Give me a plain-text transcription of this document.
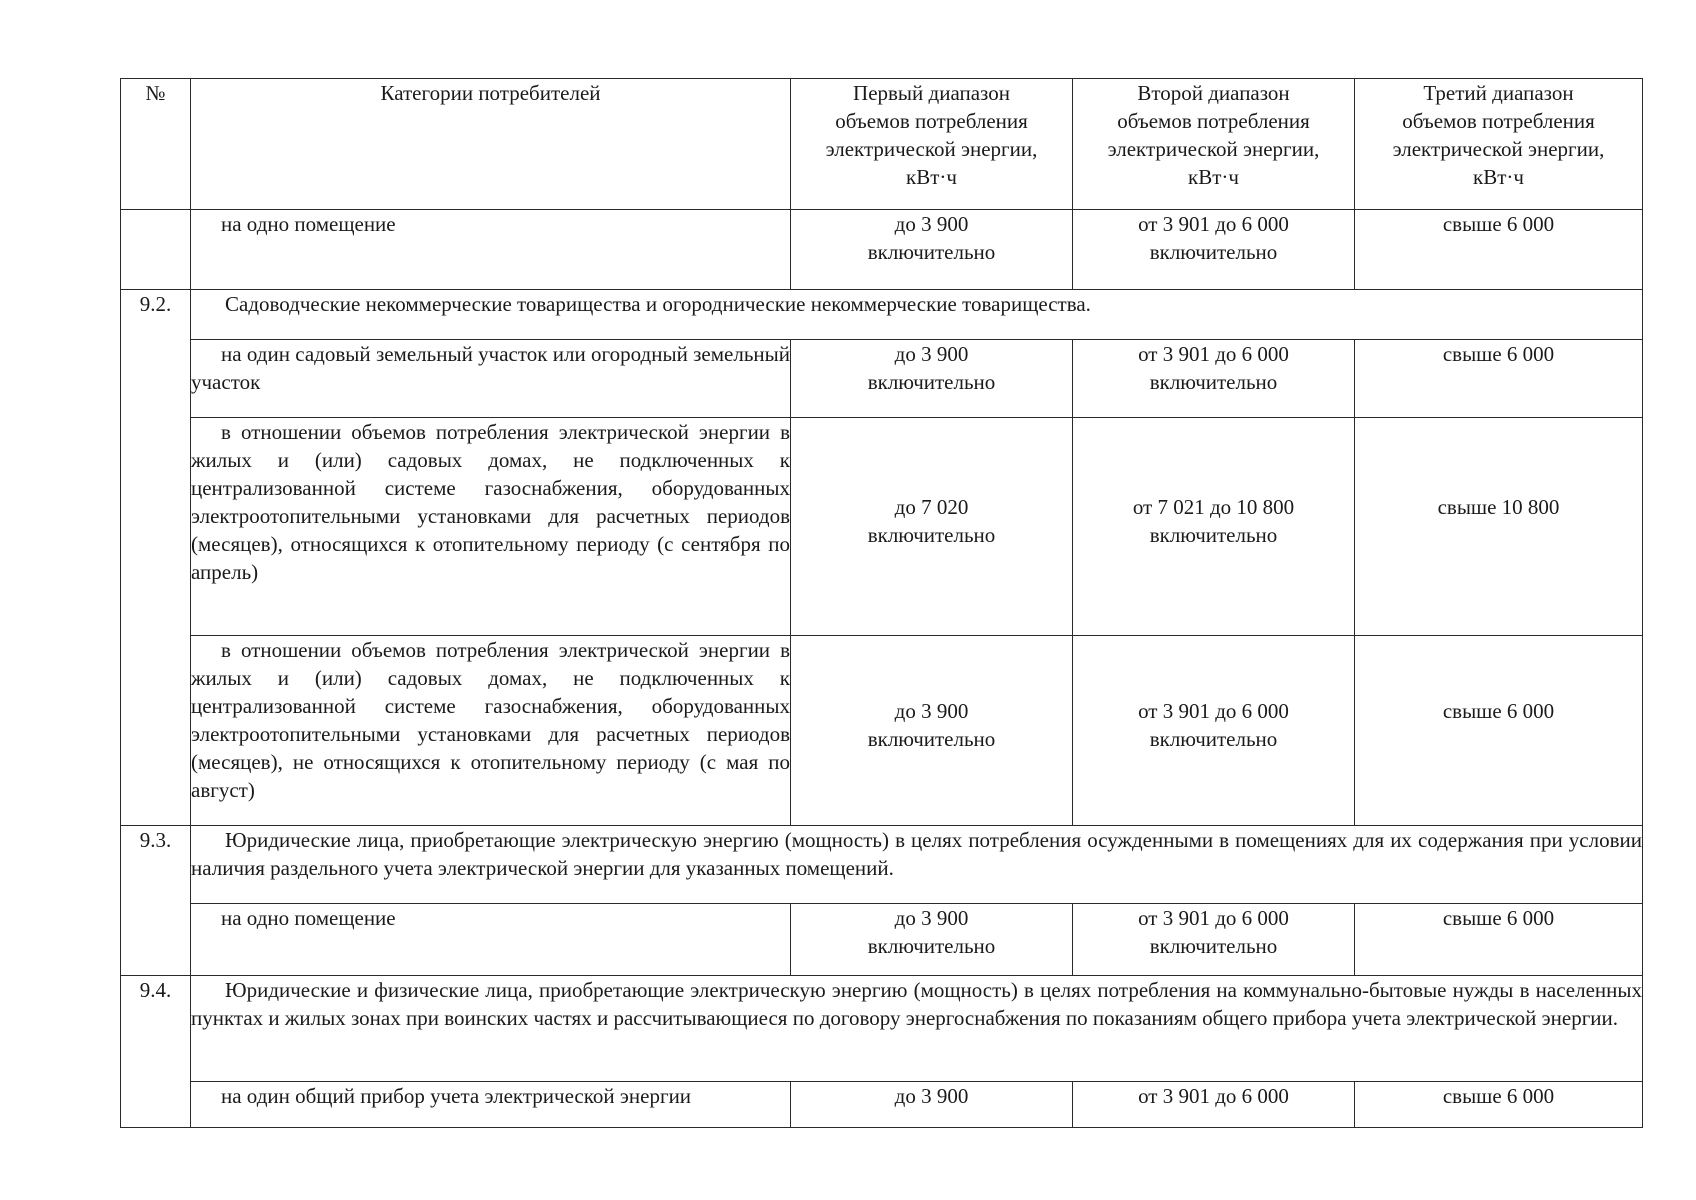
№	Категории потребителей	Первый диапазон
объемов потребления
электрической энергии,
кВт·ч	Второй диапазон
объемов потребления
электрической энергии,
кВт·ч	Третий диапазон
объемов потребления
электрической энергии,
кВт·ч

	на одно помещение	до 3 900
включительно	от 3 901 до 6 000
включительно	свыше 6 000
9.2.	Садоводческие некоммерческие товарищества и огороднические некоммерческие товарищества.			
	на один садовый земельный участок или огородный земельный участок	до 3 900
включительно	от 3 901 до 6 000
включительно	свыше 6 000
	в отношении объемов потребления электрической энергии в жилых и (или) садовых домах, не подключенных к централизованной системе газоснабжения, оборудованных электроотопительными установками для расчетных периодов (месяцев), относящихся к отопительному периоду (с сентября по апрель)	до 7 020
включительно	от 7 021 до 10 800
включительно	свыше 10 800

	в отношении объемов потребления электрической энергии в жилых и (или) садовых домах, не подключенных к централизованной системе газоснабжения, оборудованных электроотопительными установками для расчетных периодов (месяцев), не относящихся к отопительному периоду (с мая по август)	до 3 900
включительно	от 3 901 до 6 000
включительно	свыше 6 000

9.3.	Юридические лица, приобретающие электрическую энергию (мощность) в целях потребления осужденными в помещениях для их содержания при условии наличия раздельного учета электрической энергии для указанных помещений.			
	на одно помещение	до 3 900
включительно	от 3 901 до 6 000
включительно	свыше 6 000
9.4.	Юридические и физические лица, приобретающие электрическую энергию (мощность) в целях потребления на коммунально-бытовые нужды в населенных пунктах и жилых зонах при воинских частях и рассчитывающиеся по договору энергоснабжения по показаниям общего прибора учета электрической энергии.			
	на один общий прибор учета электрической энергии	до 3 900	от 3 901 до 6 000	свыше 6 000
